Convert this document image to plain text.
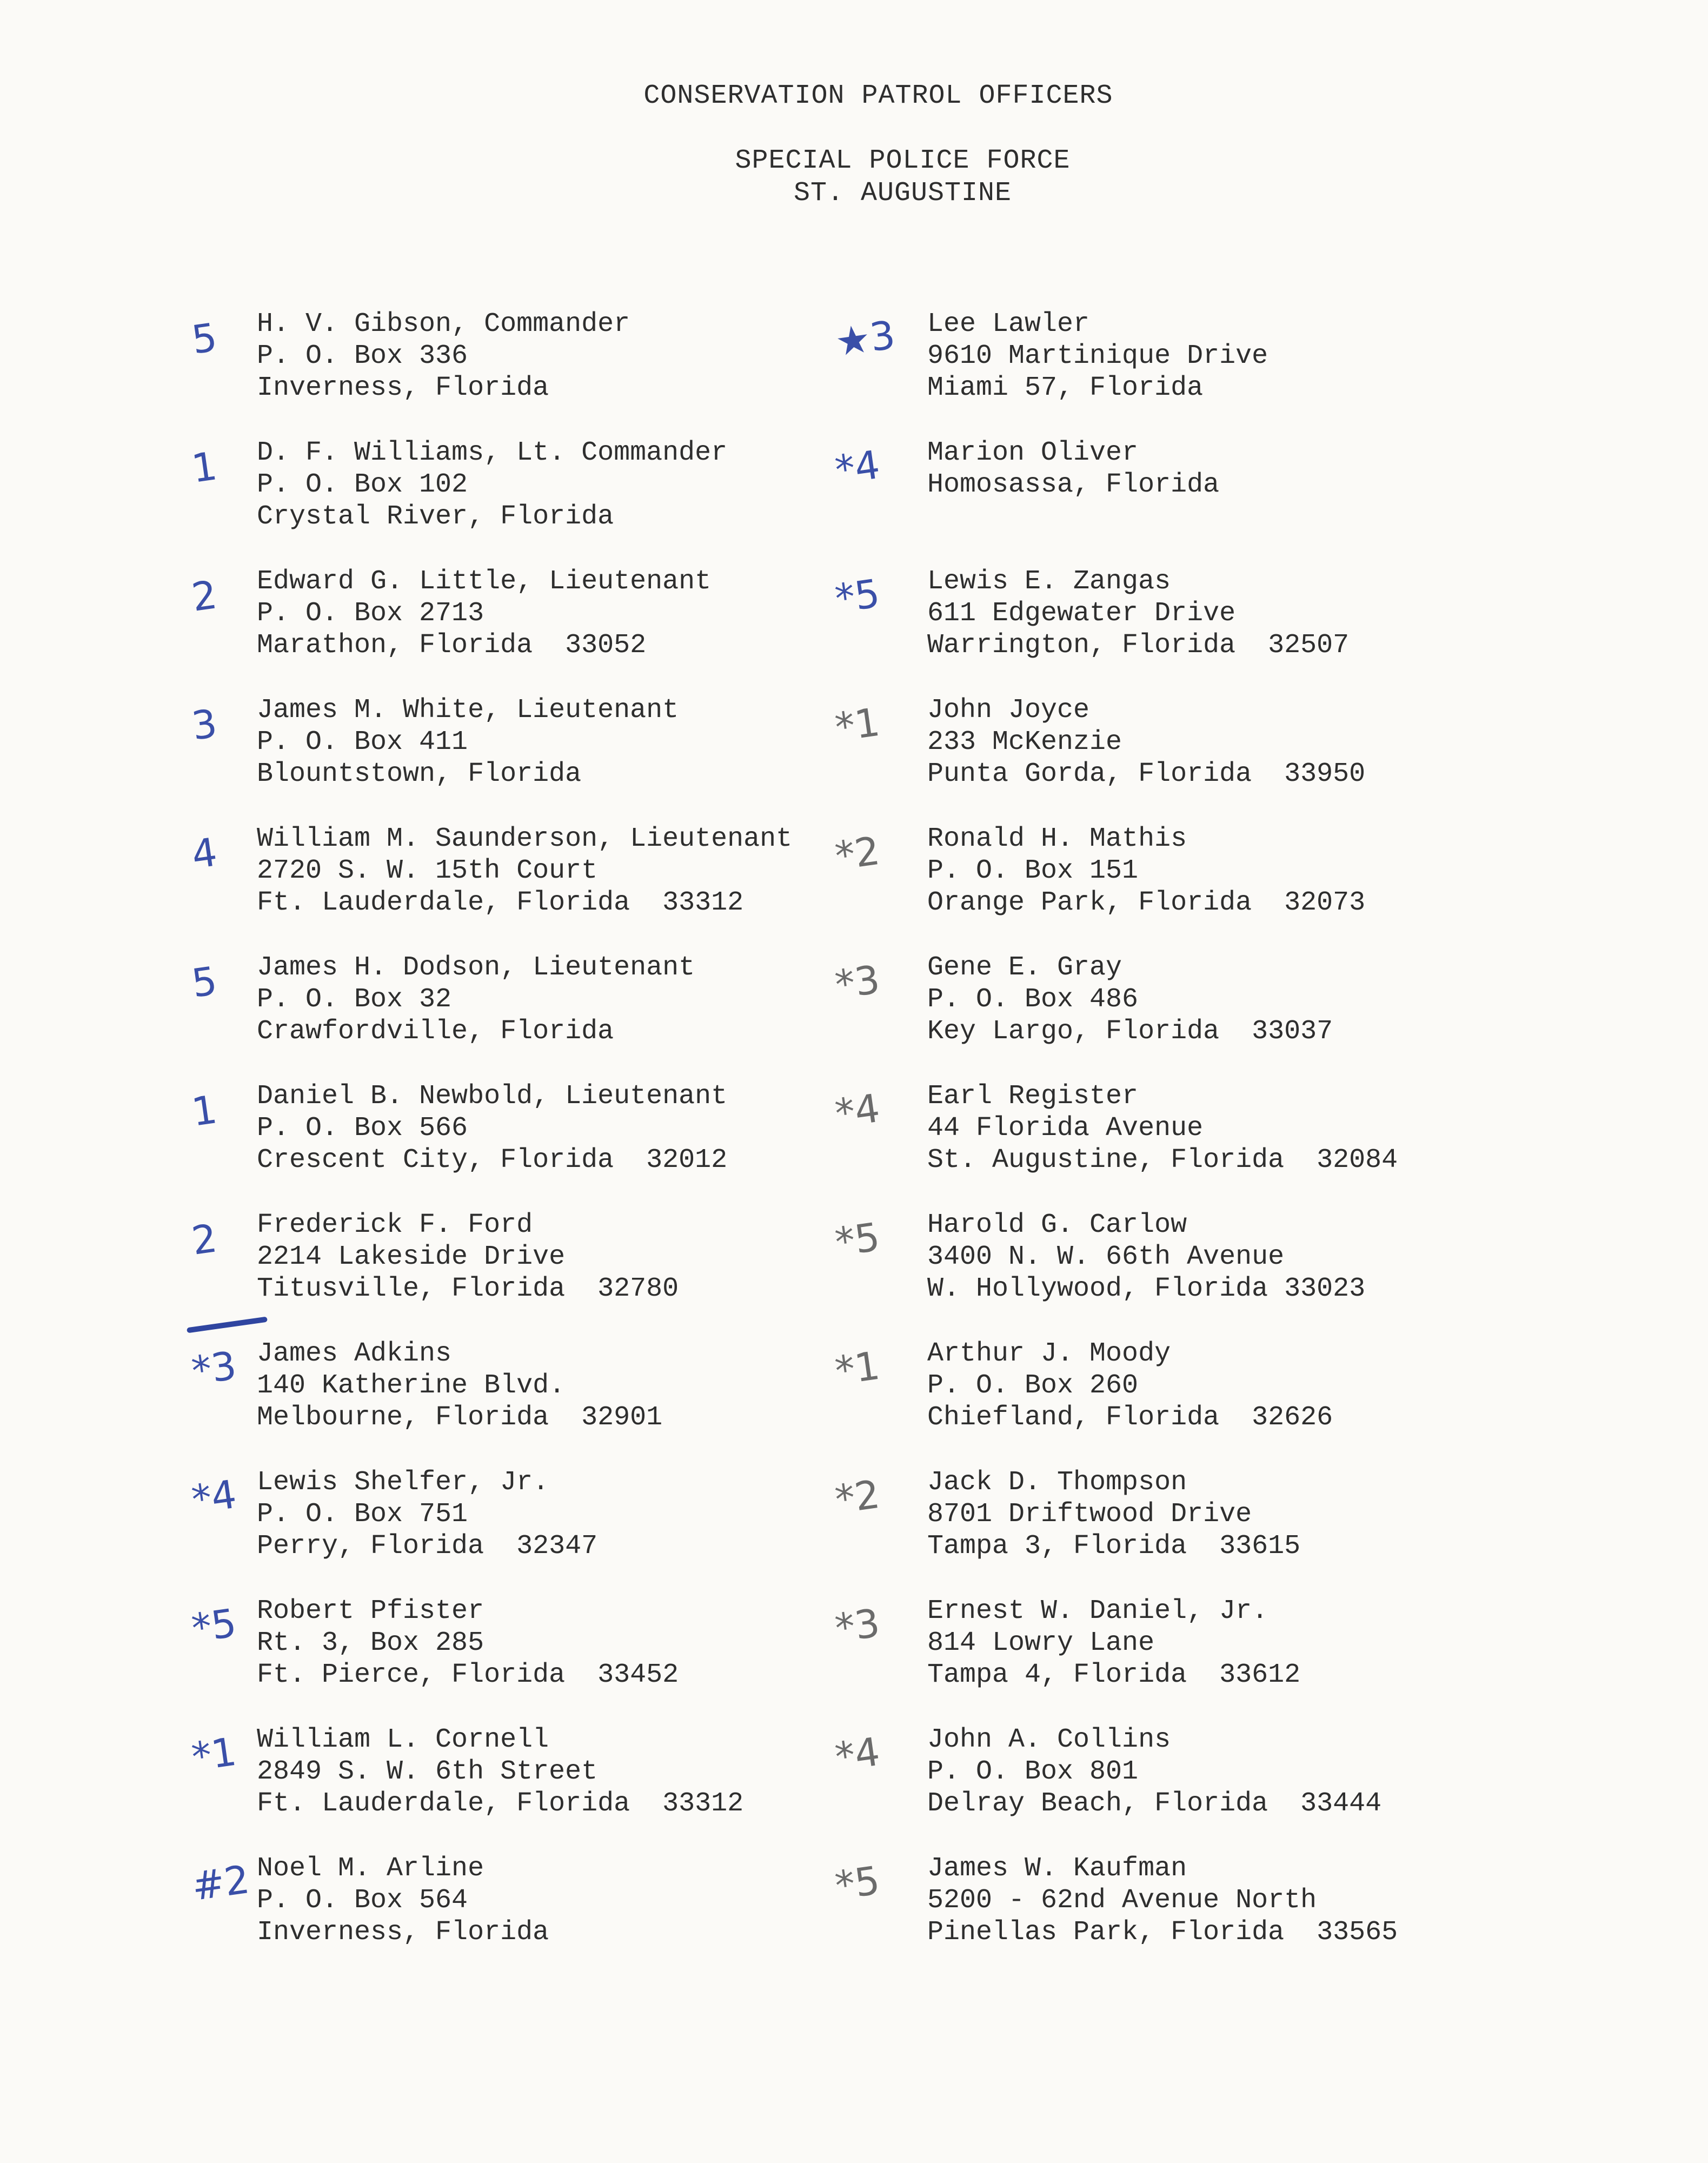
CONSERVATION PATROL OFFICERS
SPECIAL POLICE FORCE
ST. AUGUSTINE
5 H. V. Gibson, Commander
P. O. Box 336
Inverness, Florida
1 D. F. Williams, Lt. Commander
P. O. Box 102
Crystal River, Florida
2 Edward G. Little, Lieutenant
P. O. Box 2713
Marathon, Florida  33052
3 James M. White, Lieutenant
P. O. Box 411
Blountstown, Florida
4 William M. Saunderson, Lieutenant
2720 S. W. 15th Court
Ft. Lauderdale, Florida  33312
5 James H. Dodson, Lieutenant
P. O. Box 32
Crawfordville, Florida
1 Daniel B. Newbold, Lieutenant
P. O. Box 566
Crescent City, Florida  32012
2 Frederick F. Ford
2214 Lakeside Drive
Titusville, Florida  32780
*3 James Adkins
140 Katherine Blvd.
Melbourne, Florida  32901
*4 Lewis Shelfer, Jr.
P. O. Box 751
Perry, Florida  32347
*5 Robert Pfister
Rt. 3, Box 285
Ft. Pierce, Florida  33452
*1 William L. Cornell
2849 S. W. 6th Street
Ft. Lauderdale, Florida  33312
#2 Noel M. Arline
P. O. Box 564
Inverness, Florida
★3 Lee Lawler
9610 Martinique Drive
Miami 57, Florida
*4 Marion Oliver
Homosassa, Florida
*5 Lewis E. Zangas
611 Edgewater Drive
Warrington, Florida  32507
*1 John Joyce
233 McKenzie
Punta Gorda, Florida  33950
*2 Ronald H. Mathis
P. O. Box 151
Orange Park, Florida  32073
*3 Gene E. Gray
P. O. Box 486
Key Largo, Florida  33037
*4 Earl Register
44 Florida Avenue
St. Augustine, Florida  32084
*5 Harold G. Carlow
3400 N. W. 66th Avenue
W. Hollywood, Florida 33023
*1 Arthur J. Moody
P. O. Box 260
Chiefland, Florida  32626
*2 Jack D. Thompson
8701 Driftwood Drive
Tampa 3, Florida  33615
*3 Ernest W. Daniel, Jr.
814 Lowry Lane
Tampa 4, Florida  33612
*4 John A. Collins
P. O. Box 801
Delray Beach, Florida  33444
*5 James W. Kaufman
5200 - 62nd Avenue North
Pinellas Park, Florida  33565
